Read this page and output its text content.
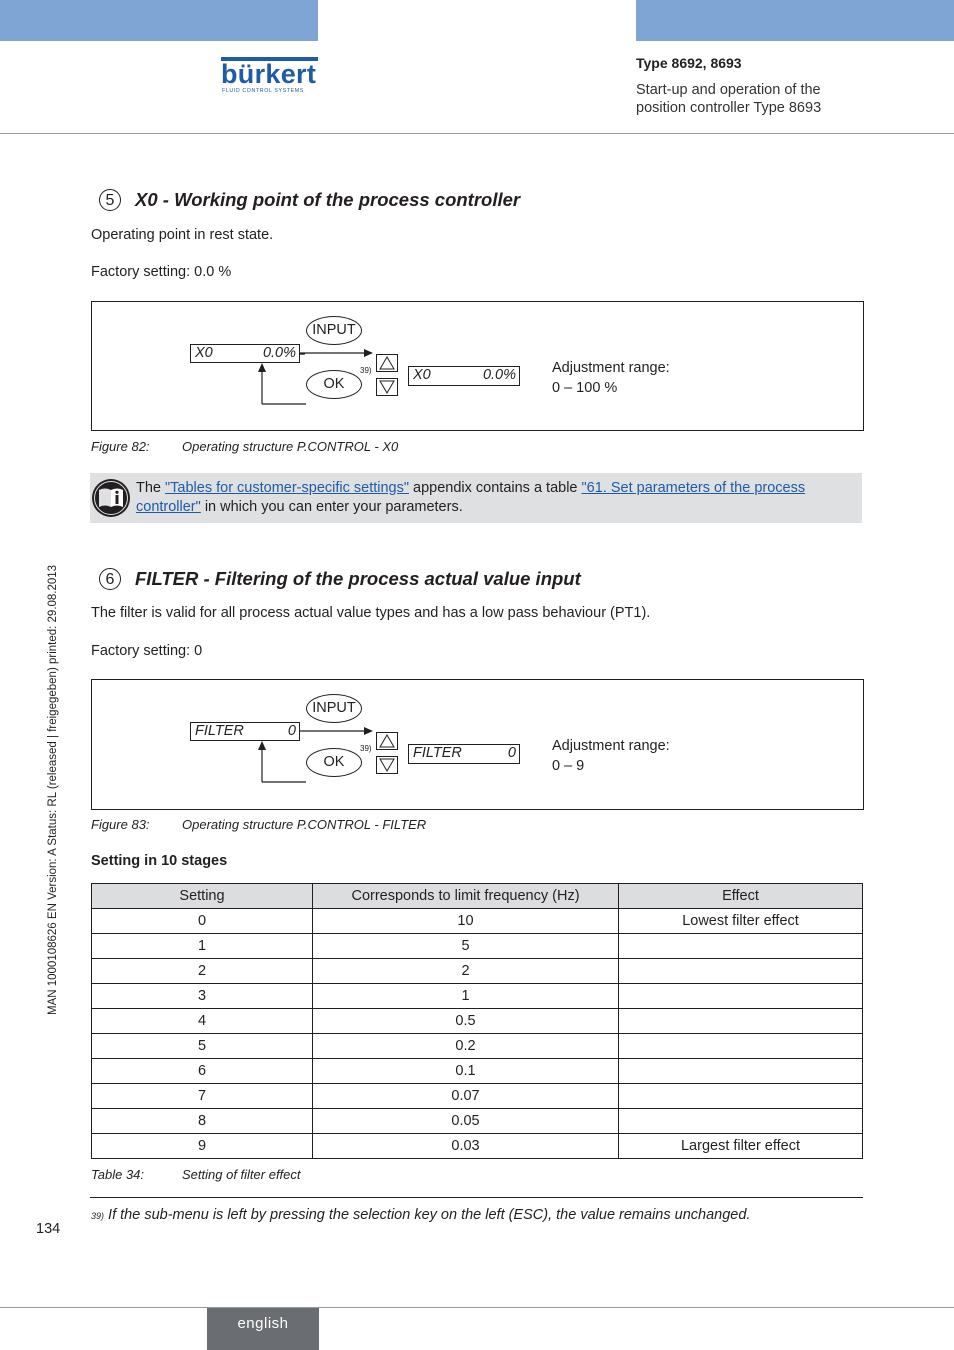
bürkert
FLUID CONTROL SYSTEMS
Type 8692, 8693
Start-up and operation of the
position controller Type 8693
MAN 1000108626 EN Version: A Status: RL (released | freigegeben) printed: 29.08.2013
5	X0 - Working point of the process controller
Operating point in rest state.
Factory setting: 0.0 %
X0	0.0%
INPUT
OK
39)	X0	0.0% Adjustment range:
0 – 100 %
Figure 82: Operating structure P.CONTROL - X0
The "Tables for customer-specific settings" appendix contains a table "61. Set parameters of the process
controller" in which you can enter your parameters.
6	FILTER - Filtering of the process actual value input
The filter is valid for all process actual value types and has a low pass behaviour (PT1).
Factory setting: 0
FILTER	0
INPUT
OK
39)	FILTER	0 Adjustment range:
0 – 9
Figure 83: Operating structure P.CONTROL - FILTER
Setting in 10 stages
Setting	Corresponds to limit frequency (Hz)	Effect
0	10	Lowest filter effect
1	5	
2	2	
3	1	
4	0.5	
5	0.2	
6	0.1	
7	0.07	
8	0.05	
9	0.03	Largest filter effect
Table 34:	Setting of filter effect
39) If the sub-menu is left by pressing the selection key on the left (ESC), the value remains unchanged.
134
english
